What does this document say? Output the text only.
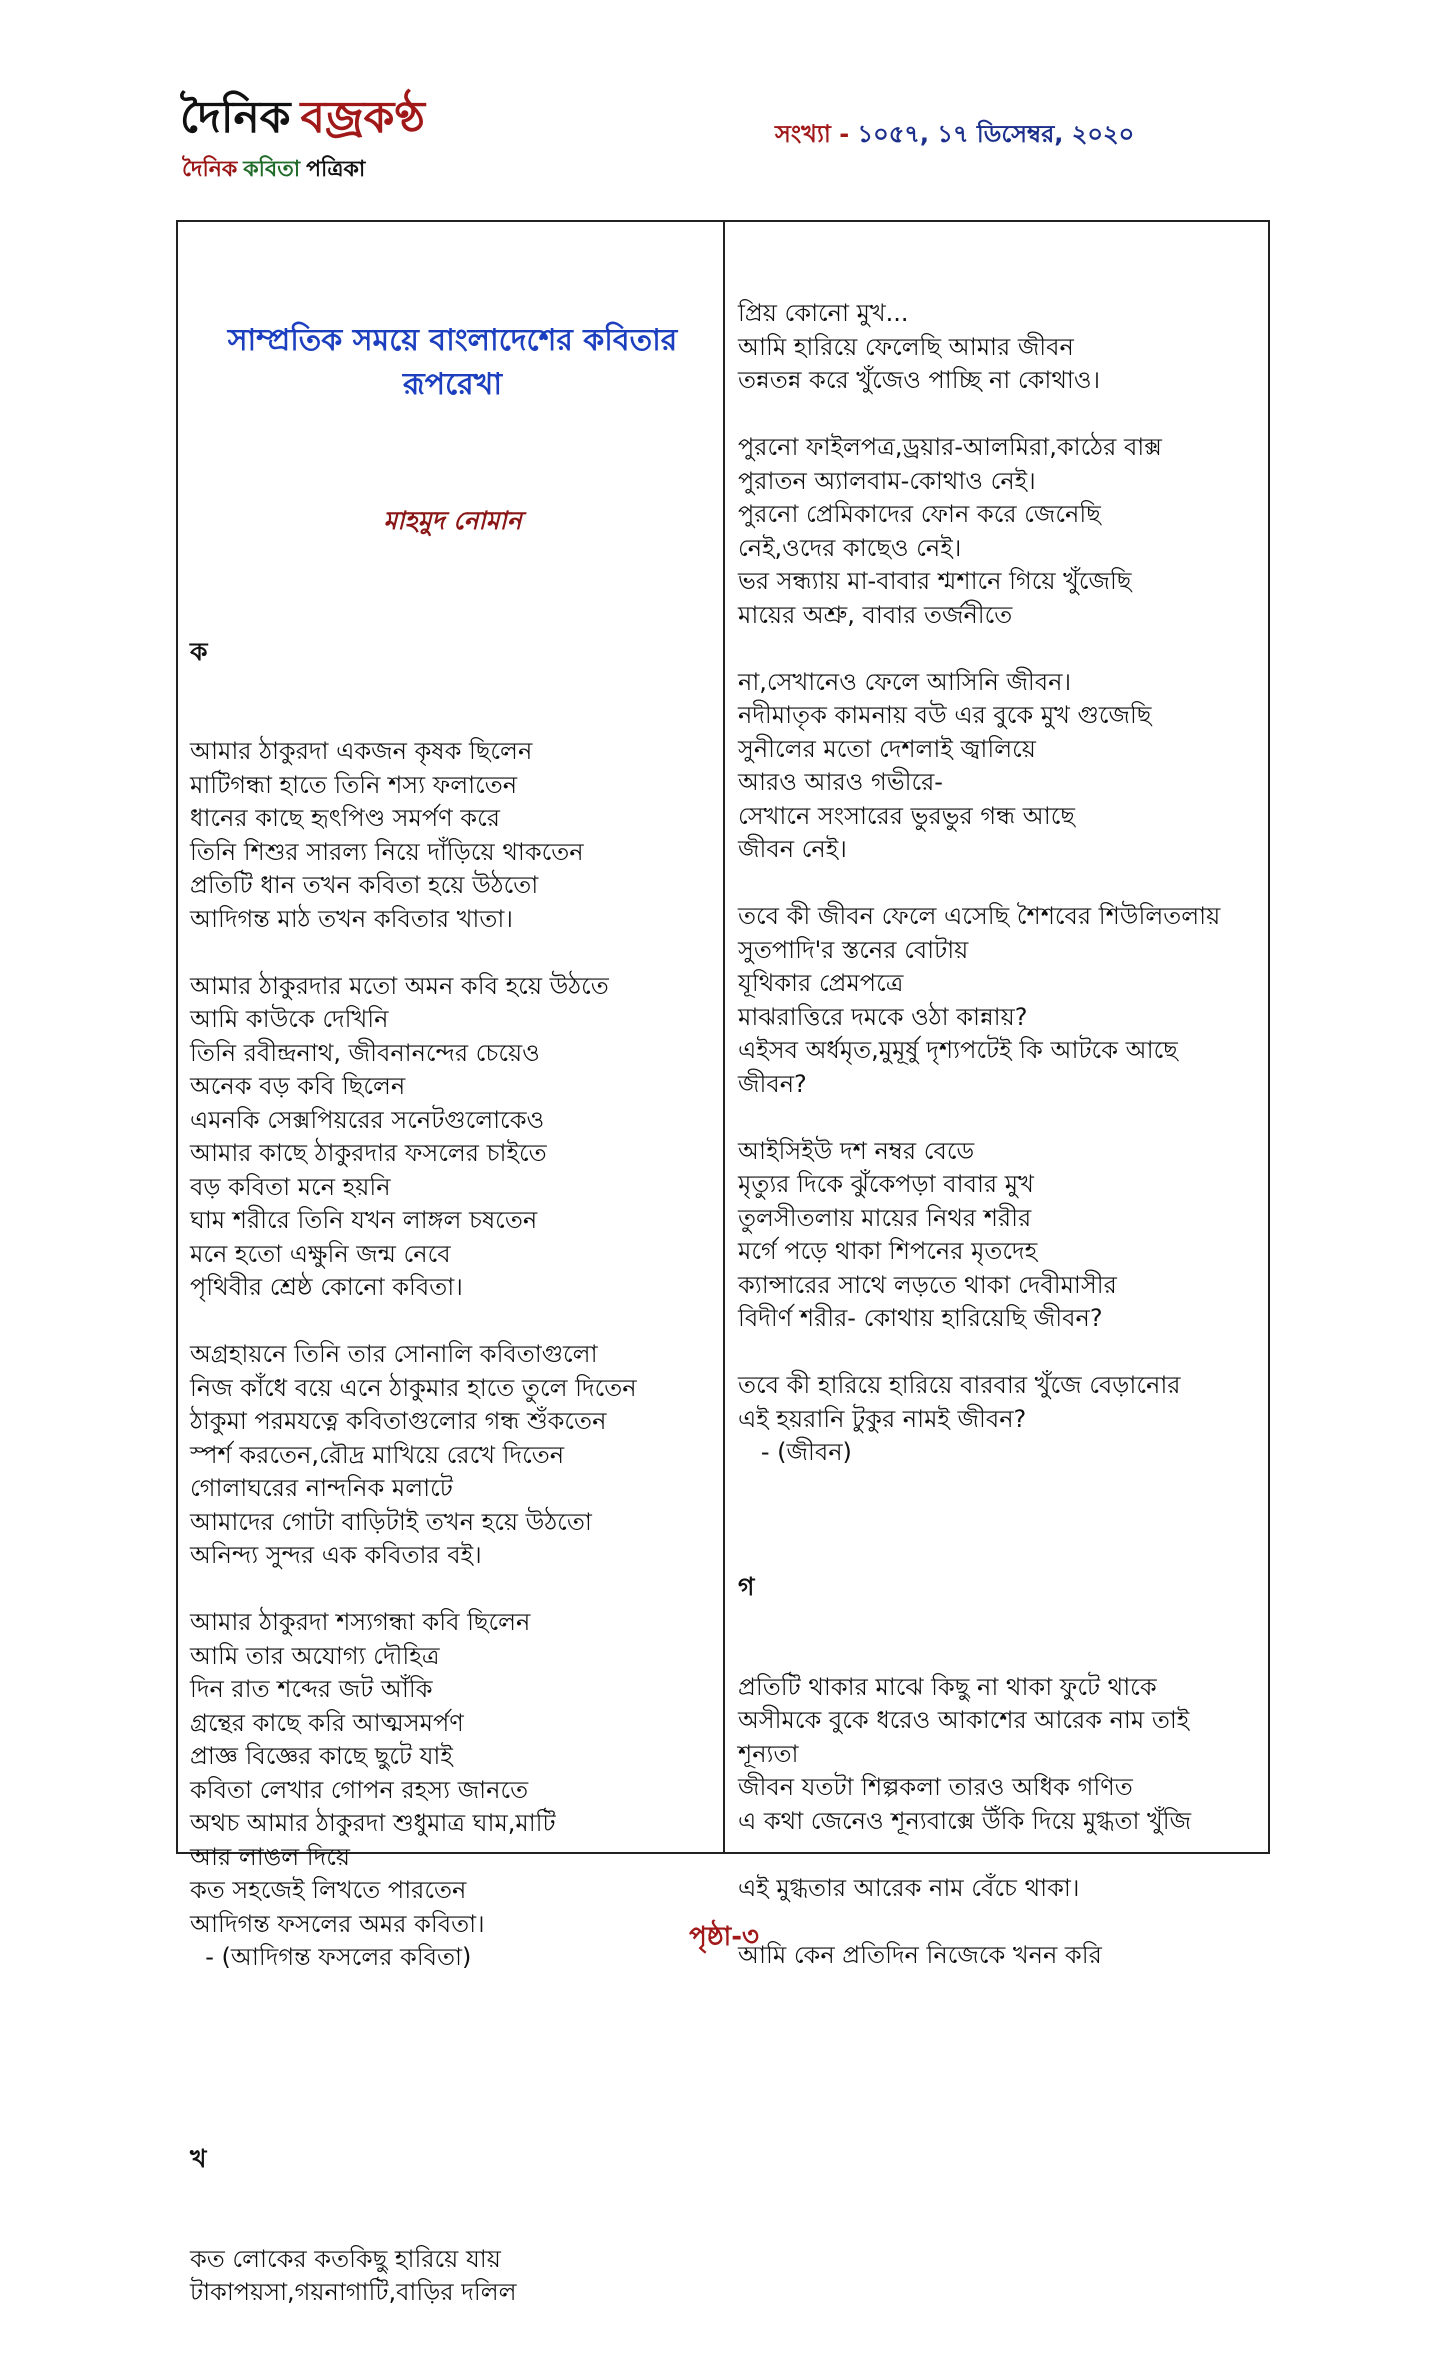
দৈনিক বজ্রকণ্ঠ
দৈনিক কবিতা পত্রিকা
সংখ্যা - ১০৫৭, ১৭ ডিসেম্বর, ২০২০

সাম্প্রতিক সময়ে বাংলাদেশের কবিতার রূপরেখা

মাহমুদ নোমান

ক

আমার ঠাকুরদা একজন কৃষক ছিলেন
মাটিগন্ধা হাতে তিনি শস্য ফলাতেন
ধানের কাছে হৃৎপিণ্ড সমর্পণ করে
তিনি শিশুর সারল্য নিয়ে দাঁড়িয়ে থাকতেন
প্রতিটি ধান তখন কবিতা হয়ে উঠতো
আদিগন্ত মাঠ তখন কবিতার খাতা।
আমার ঠাকুরদার মতো অমন কবি হয়ে উঠতে
আমি কাউকে দেখিনি
তিনি রবীন্দ্রনাথ, জীবনানন্দের চেয়েও
অনেক বড় কবি ছিলেন
এমনকি সেক্সপিয়রের সনেটগুলোকেও
আমার কাছে ঠাকুরদার ফসলের চাইতে
বড় কবিতা মনে হয়নি
ঘাম শরীরে তিনি যখন লাঙ্গল চষতেন
মনে হতো এক্ষুনি জন্ম নেবে
পৃথিবীর শ্রেষ্ঠ কোনো কবিতা।
অগ্রহায়নে তিনি তার সোনালি কবিতাগুলো
নিজ কাঁধে বয়ে এনে ঠাকুমার হাতে তুলে দিতেন
ঠাকুমা পরমযত্নে কবিতাগুলোর গন্ধ শুঁকতেন
স্পর্শ করতেন,রৌদ্র মাখিয়ে রেখে দিতেন
গোলাঘরের নান্দনিক মলাটে
আমাদের গোটা বাড়িটাই তখন হয়ে উঠতো
অনিন্দ্য সুন্দর এক কবিতার বই।
আমার ঠাকুরদা শস্যগন্ধা কবি ছিলেন
আমি তার অযোগ্য দৌহিত্র
দিন রাত শব্দের জট আঁকি
গ্রন্থের কাছে করি আত্মসমর্পণ
প্রাজ্ঞ বিজ্ঞের কাছে ছুটে যাই
কবিতা লেখার গোপন রহস্য জানতে
অথচ আমার ঠাকুরদা শুধুমাত্র ঘাম,মাটি
আর লাঙল দিয়ে
কত সহজেই লিখতে পারতেন
আদিগন্ত ফসলের অমর কবিতা।
- (আদিগন্ত ফসলের কবিতা)

খ

কত লোকের কতকিছু হারিয়ে যায়
টাকাপয়সা,গয়নাগাটি,বাড়ির দলিল

প্রিয় কোনো মুখ...
আমি হারিয়ে ফেলেছি আমার জীবন
তন্নতন্ন করে খুঁজেও পাচ্ছি না কোথাও।
পুরনো ফাইলপত্র,ড্রয়ার-আলমিরা,কাঠের বাক্স
পুরাতন অ্যালবাম-কোথাও নেই।
পুরনো প্রেমিকাদের ফোন করে জেনেছি
নেই,ওদের কাছেও নেই।
ভর সন্ধ্যায় মা-বাবার শ্মশানে গিয়ে খুঁজেছি
মায়ের অশ্রু, বাবার তর্জনীতে
না,সেখানেও ফেলে আসিনি জীবন।
নদীমাতৃক কামনায় বউ এর বুকে মুখ গুজেছি
সুনীলের মতো দেশলাই জ্বালিয়ে
আরও আরও গভীরে-
সেখানে সংসারের ভুরভুর গন্ধ আছে
জীবন নেই।
তবে কী জীবন ফেলে এসেছি শৈশবের শিউলিতলায়
সুতপাদি'র স্তনের বোটায়
যূথিকার প্রেমপত্রে
মাঝরাত্তিরে দমকে ওঠা কান্নায়?
এইসব অর্ধমৃত,মুমূর্ষু দৃশ্যপটেই কি আটকে আছে
জীবন?
আইসিইউ দশ নম্বর বেডে
মৃত্যুর দিকে ঝুঁকেপড়া বাবার মুখ
তুলসীতলায় মায়ের নিথর শরীর
মর্গে পড়ে থাকা শিপনের মৃতদেহ
ক্যান্সারের সাথে লড়তে থাকা দেবীমাসীর
বিদীর্ণ শরীর- কোথায় হারিয়েছি জীবন?
তবে কী হারিয়ে হারিয়ে বারবার খুঁজে বেড়ানোর
এই হয়রানি টুকুর নামই জীবন?
- (জীবন)

গ

প্রতিটি থাকার মাঝে কিছু না থাকা ফুটে থাকে
অসীমকে বুকে ধরেও আকাশের আরেক নাম তাই
শূন্যতা
জীবন যতটা শিল্পকলা তারও অধিক গণিত
এ কথা জেনেও শূন্যবাক্সে উঁকি দিয়ে মুগ্ধতা খুঁজি
এই মুগ্ধতার আরেক নাম বেঁচে থাকা।
আমি কেন প্রতিদিন নিজেকে খনন করি

পৃষ্ঠা-৩
